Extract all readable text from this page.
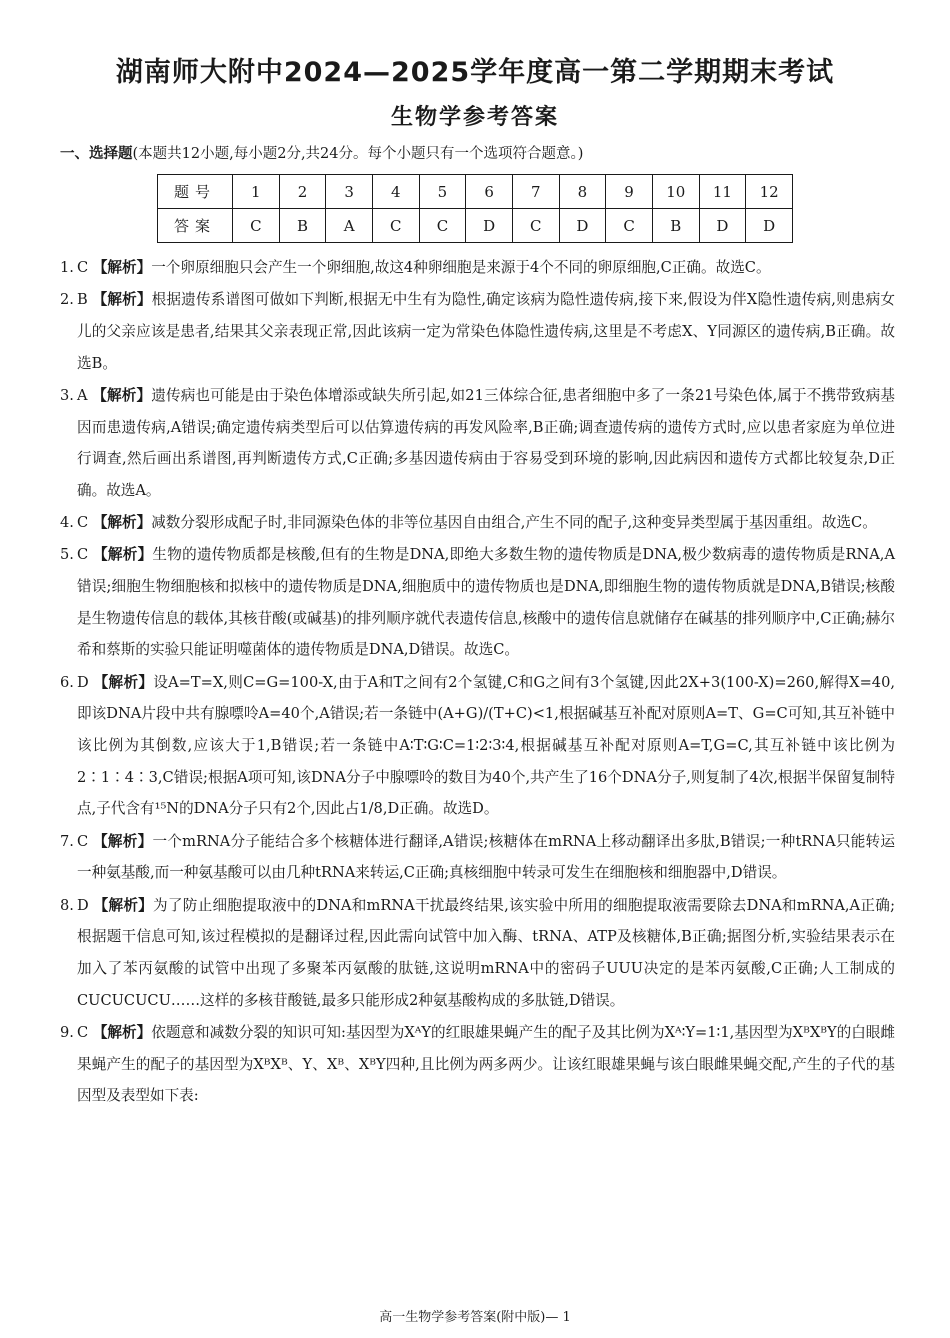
湖南师大附中2024—2025学年度高一第二学期期末考试
生物学参考答案
一、选择题(本题共12小题,每小题2分,共24分。每个小题只有一个选项符合题意。)
题号	1	2	3	4	5	6	7	8	9	10	11	12
答案	C	B	A	C	C	D	C	D	C	B	D	D

1. C 【解析】一个卵原细胞只会产生一个卵细胞,故这4种卵细胞是来源于4个不同的卵原细胞,C正确。故选C。

2. B 【解析】根据遗传系谱图可做如下判断,根据无中生有为隐性,确定该病为隐性遗传病,接下来,假设为伴X隐性遗传病,则患病女儿的父亲应该是患者,结果其父亲表现正常,因此该病一定为常染色体隐性遗传病,这里是不考虑X、Y同源区的遗传病,B正确。故选B。

3. A 【解析】遗传病也可能是由于染色体增添或缺失所引起,如21三体综合征,患者细胞中多了一条21号染色体,属于不携带致病基因而患遗传病,A错误;确定遗传病类型后可以估算遗传病的再发风险率,B正确;调查遗传病的遗传方式时,应以患者家庭为单位进行调查,然后画出系谱图,再判断遗传方式,C正确;多基因遗传病由于容易受到环境的影响,因此病因和遗传方式都比较复杂,D正确。故选A。

4. C 【解析】减数分裂形成配子时,非同源染色体的非等位基因自由组合,产生不同的配子,这种变异类型属于基因重组。故选C。

5. C 【解析】生物的遗传物质都是核酸,但有的生物是DNA,即绝大多数生物的遗传物质是DNA,极少数病毒的遗传物质是RNA,A错误;细胞生物细胞核和拟核中的遗传物质是DNA,细胞质中的遗传物质也是DNA,即细胞生物的遗传物质就是DNA,B错误;核酸是生物遗传信息的载体,其核苷酸(或碱基)的排列顺序就代表遗传信息,核酸中的遗传信息就储存在碱基的排列顺序中,C正确;赫尔希和蔡斯的实验只能证明噬菌体的遗传物质是DNA,D错误。故选C。

6. D 【解析】设A=T=X,则C=G=100-X,由于A和T之间有2个氢键,C和G之间有3个氢键,因此2X+3(100-X)=260,解得X=40,即该DNA片段中共有腺嘌呤A=40个,A错误;若一条链中(A+G)/(T+C)<1,根据碱基互补配对原则A=T、G=C可知,其互补链中该比例为其倒数,应该大于1,B错误;若一条链中A∶T∶G∶C=1∶2∶3∶4,根据碱基互补配对原则A=T,G=C,其互补链中该比例为2∶1∶4∶3,C错误;根据A项可知,该DNA分子中腺嘌呤的数目为40个,共产生了16个DNA分子,则复制了4次,根据半保留复制特点,子代含有¹⁵N的DNA分子只有2个,因此占1/8,D正确。故选D。

7. C 【解析】一个mRNA分子能结合多个核糖体进行翻译,A错误;核糖体在mRNA上移动翻译出多肽,B错误;一种tRNA只能转运一种氨基酸,而一种氨基酸可以由几种tRNA来转运,C正确;真核细胞中转录可发生在细胞核和细胞器中,D错误。

8. D 【解析】为了防止细胞提取液中的DNA和mRNA干扰最终结果,该实验中所用的细胞提取液需要除去DNA和mRNA,A正确;根据题干信息可知,该过程模拟的是翻译过程,因此需向试管中加入酶、tRNA、ATP及核糖体,B正确;据图分析,实验结果表示在加入了苯丙氨酸的试管中出现了多聚苯丙氨酸的肽链,这说明mRNA中的密码子UUU决定的是苯丙氨酸,C正确;人工制成的CUCUCUCU……这样的多核苷酸链,最多只能形成2种氨基酸构成的多肽链,D错误。

9. C 【解析】依题意和减数分裂的知识可知:基因型为XᴬY的红眼雄果蝇产生的配子及其比例为Xᴬ∶Y=1∶1,基因型为XᴮXᴮY的白眼雌果蝇产生的配子的基因型为XᴮXᴮ、Y、Xᴮ、XᴮY四种,且比例为两多两少。让该红眼雄果蝇与该白眼雌果蝇交配,产生的子代的基因型及表型如下表:

高一生物学参考答案(附中版)— 1
